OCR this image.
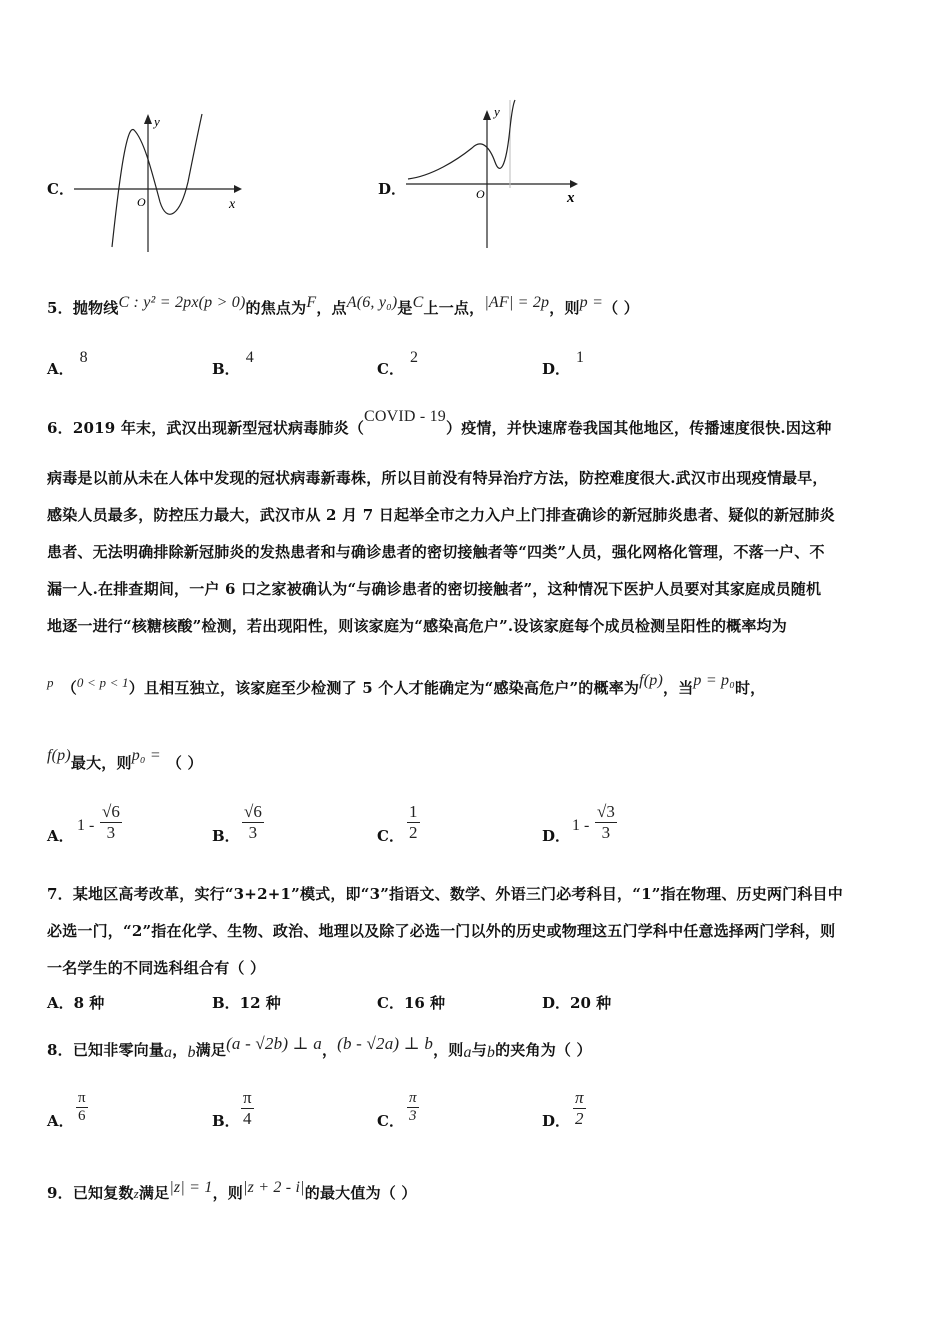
C．
y
x
O
D．
y
x
O
5．抛物线C : y² = 2px(p > 0)的焦点为F，点A(6, y₀)是C上一点，|AF| = 2p，则p =（ ）
A．8
B．4
C．2
D．1
6．2019 年末，武汉出现新型冠状病毒肺炎（COVID - 19）疫情，并快速席卷我国其他地区，传播速度很快.因这种
病毒是以前从未在人体中发现的冠状病毒新毒株，所以目前没有特异治疗方法，防控难度很大.武汉市出现疫情最早，
感染人员最多，防控压力最大，武汉市从 2 月 7 日起举全市之力入户上门排查确诊的新冠肺炎患者、疑似的新冠肺炎
患者、无法明确排除新冠肺炎的发热患者和与确诊患者的密切接触者等“四类”人员，强化网格化管理，不落一户、不
漏一人.在排查期间，一户 6 口之家被确认为“与确诊患者的密切接触者”，这种情况下医护人员要对其家庭成员随机
地逐一进行“核糖核酸”检测，若出现阳性，则该家庭为“感染高危户”.设该家庭每个成员检测呈阳性的概率均为
p （0 < p < 1）且相互独立，该家庭至少检测了 5 个人才能确定为“感染高危户”的概率为f(p)，当p = p₀时，
f(p)最大，则p₀ = （ ）
A．
$1 - \frac{√6}{3}$	B． $\frac{√6}{3}$	C． $\frac{1}{2}$	D．
$1 - \frac{√3}{3}$
7．某地区高考改革，实行“3+2+1”模式，即“3”指语文、数学、外语三门必考科目，“1”指在物理、历史两门科目中
必选一门，“2”指在化学、生物、政治、地理以及除了必选一门以外的历史或物理这五门学科中任意选择两门学科，则
一名学生的不同选科组合有（ ）
A．8 种	B．12 种	C．16 种	D．20 种
8．已知非零向量a，b满足(a - √2b) ⊥ a，(b - √2a) ⊥ b，则a与b的夹角为（ ）
A． $\frac{\pi}{6}$	B． $\frac{\pi}{4}$	C． $\frac{\pi}{3}$	D． $\frac{\pi}{2}$
9．已知复数z满足|z| = 1，则|z + 2 - i|的最大值为（ ）
